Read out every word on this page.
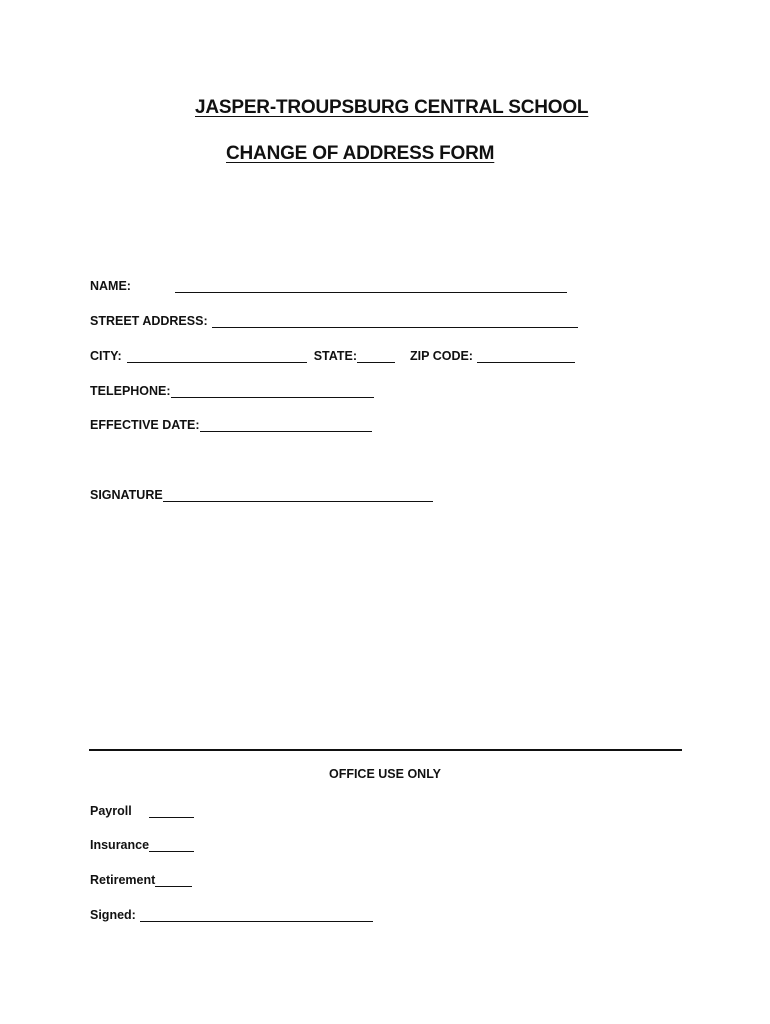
JASPER-TROUPSBURG CENTRAL SCHOOL
CHANGE OF ADDRESS FORM
NAME:
STREET ADDRESS:
CITY:	STATE:	ZIP CODE:
TELEPHONE:
EFFECTIVE DATE:
SIGNATURE
OFFICE USE ONLY
Payroll
Insurance
Retirement
Signed:
